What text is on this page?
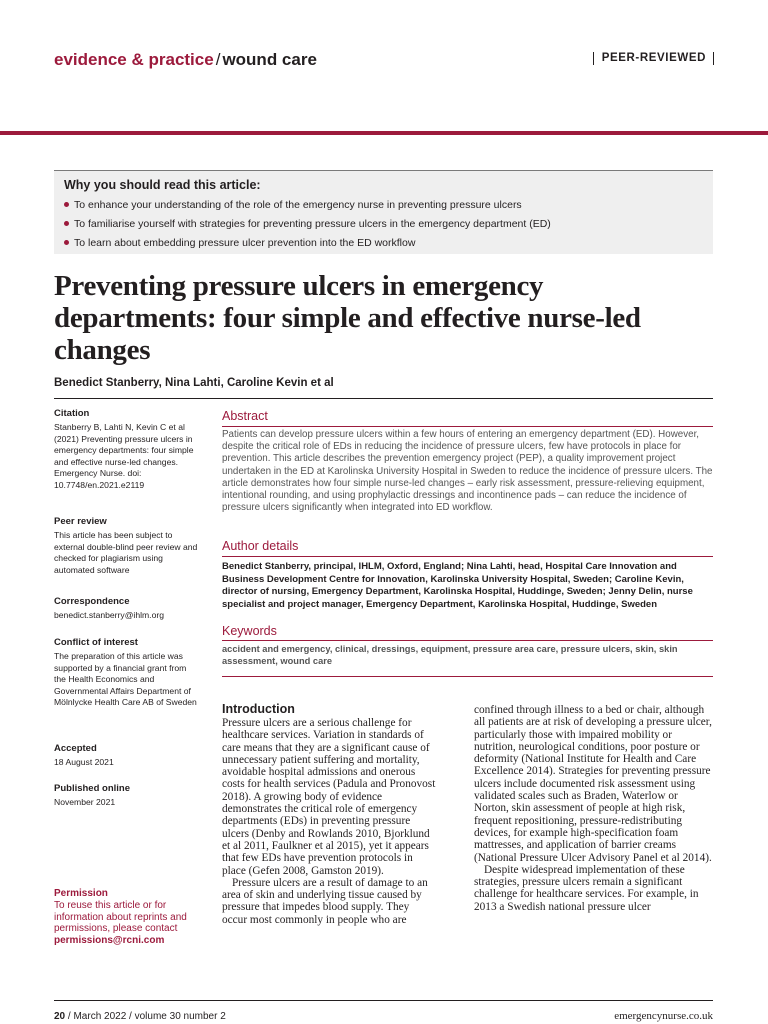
evidence & practice / wound care	PEER-REVIEWED
Why you should read this article:
To enhance your understanding of the role of the emergency nurse in preventing pressure ulcers
To familiarise yourself with strategies for preventing pressure ulcers in the emergency department (ED)
To learn about embedding pressure ulcer prevention into the ED workflow
Preventing pressure ulcers in emergency departments: four simple and effective nurse-led changes
Benedict Stanberry, Nina Lahti, Caroline Kevin et al
Citation
Stanberry B, Lahti N, Kevin C et al (2021) Preventing pressure ulcers in emergency departments: four simple and effective nurse-led changes. Emergency Nurse. doi: 10.7748/en.2021.e2119
Peer review
This article has been subject to external double-blind peer review and checked for plagiarism using automated software
Correspondence
benedict.stanberry@ihlm.org
Conflict of interest
The preparation of this article was supported by a financial grant from the Health Economics and Governmental Affairs Department of Mölnlycke Health Care AB of Sweden
Accepted
18 August 2021
Published online
November 2021
Permission
To reuse this article or for information about reprints and permissions, please contact permissions@rcni.com
Abstract
Patients can develop pressure ulcers within a few hours of entering an emergency department (ED). However, despite the critical role of EDs in reducing the incidence of pressure ulcers, few have protocols in place for prevention. This article describes the prevention emergency project (PEP), a quality improvement project undertaken in the ED at Karolinska University Hospital in Sweden to reduce the incidence of pressure ulcers. The article demonstrates how four simple nurse-led changes – early risk assessment, pressure-relieving equipment, intentional rounding, and using prophylactic dressings and incontinence pads – can reduce the incidence of pressure ulcers significantly when integrated into ED workflow.
Author details
Benedict Stanberry, principal, IHLM, Oxford, England; Nina Lahti, head, Hospital Care Innovation and Business Development Centre for Innovation, Karolinska University Hospital, Sweden; Caroline Kevin, director of nursing, Emergency Department, Karolinska Hospital, Huddinge, Sweden; Jenny Delin, nurse specialist and project manager, Emergency Department, Karolinska Hospital, Huddinge, Sweden
Keywords
accident and emergency, clinical, dressings, equipment, pressure area care, pressure ulcers, skin, skin assessment, wound care
Introduction

Pressure ulcers are a serious challenge for healthcare services. Variation in standards of care means that they are a significant cause of unnecessary patient suffering and mortality, avoidable hospital admissions and onerous costs for health services (Padula and Pronovost 2018). A growing body of evidence demonstrates the critical role of emergency departments (EDs) in preventing pressure ulcers (Denby and Rowlands 2010, Bjorklund et al 2011, Faulkner et al 2015), yet it appears that few EDs have prevention protocols in place (Gefen 2008, Gamston 2019).

Pressure ulcers are a result of damage to an area of skin and underlying tissue caused by pressure that impedes blood supply. They occur most commonly in people who are

confined through illness to a bed or chair, although all patients are at risk of developing a pressure ulcer, particularly those with impaired mobility or nutrition, neurological conditions, poor posture or deformity (National Institute for Health and Care Excellence 2014). Strategies for preventing pressure ulcers include documented risk assessment using validated scales such as Braden, Waterlow or Norton, skin assessment of people at high risk, frequent repositioning, pressure-redistributing devices, for example high-specification foam mattresses, and application of barrier creams (National Pressure Ulcer Advisory Panel et al 2014).

Despite widespread implementation of these strategies, pressure ulcers remain a significant challenge for healthcare services. For example, in 2013 a Swedish national pressure ulcer

20 / March 2022 / volume 30 number 2	emergencynurse.co.uk
